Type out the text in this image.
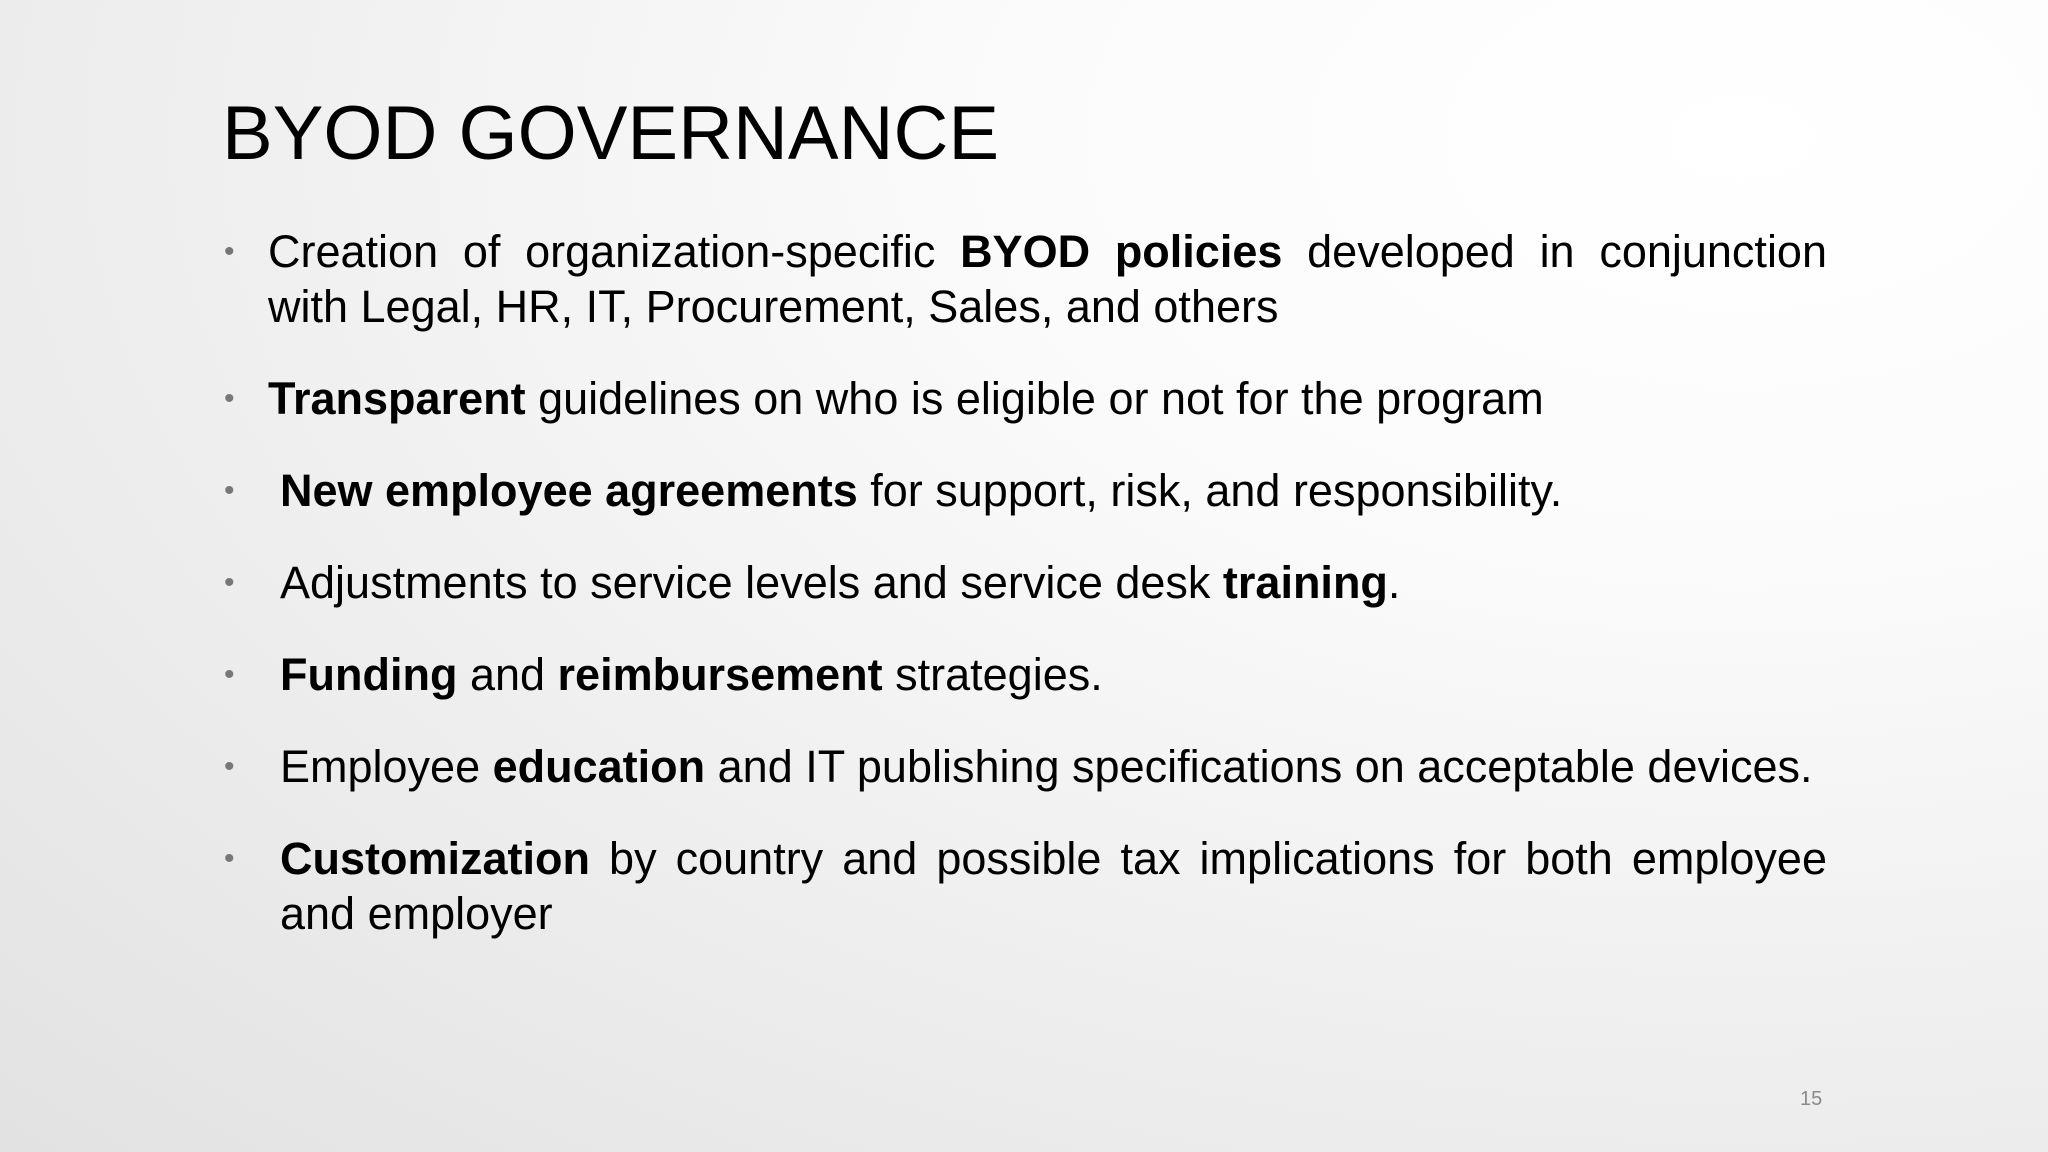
BYOD GOVERNANCE
• Creation of organization-specific BYOD policies developed in conjunction with Legal, HR, IT, Procurement, Sales, and others
• Transparent guidelines on who is eligible or not for the program
•	New employee agreements for support, risk, and responsibility.
•	Adjustments to service levels and service desk training.
•	Funding and reimbursement strategies.
•	Employee education and IT publishing specifications on acceptable devices.
•	Customization by country and possible tax implications for both employee and employer
15
